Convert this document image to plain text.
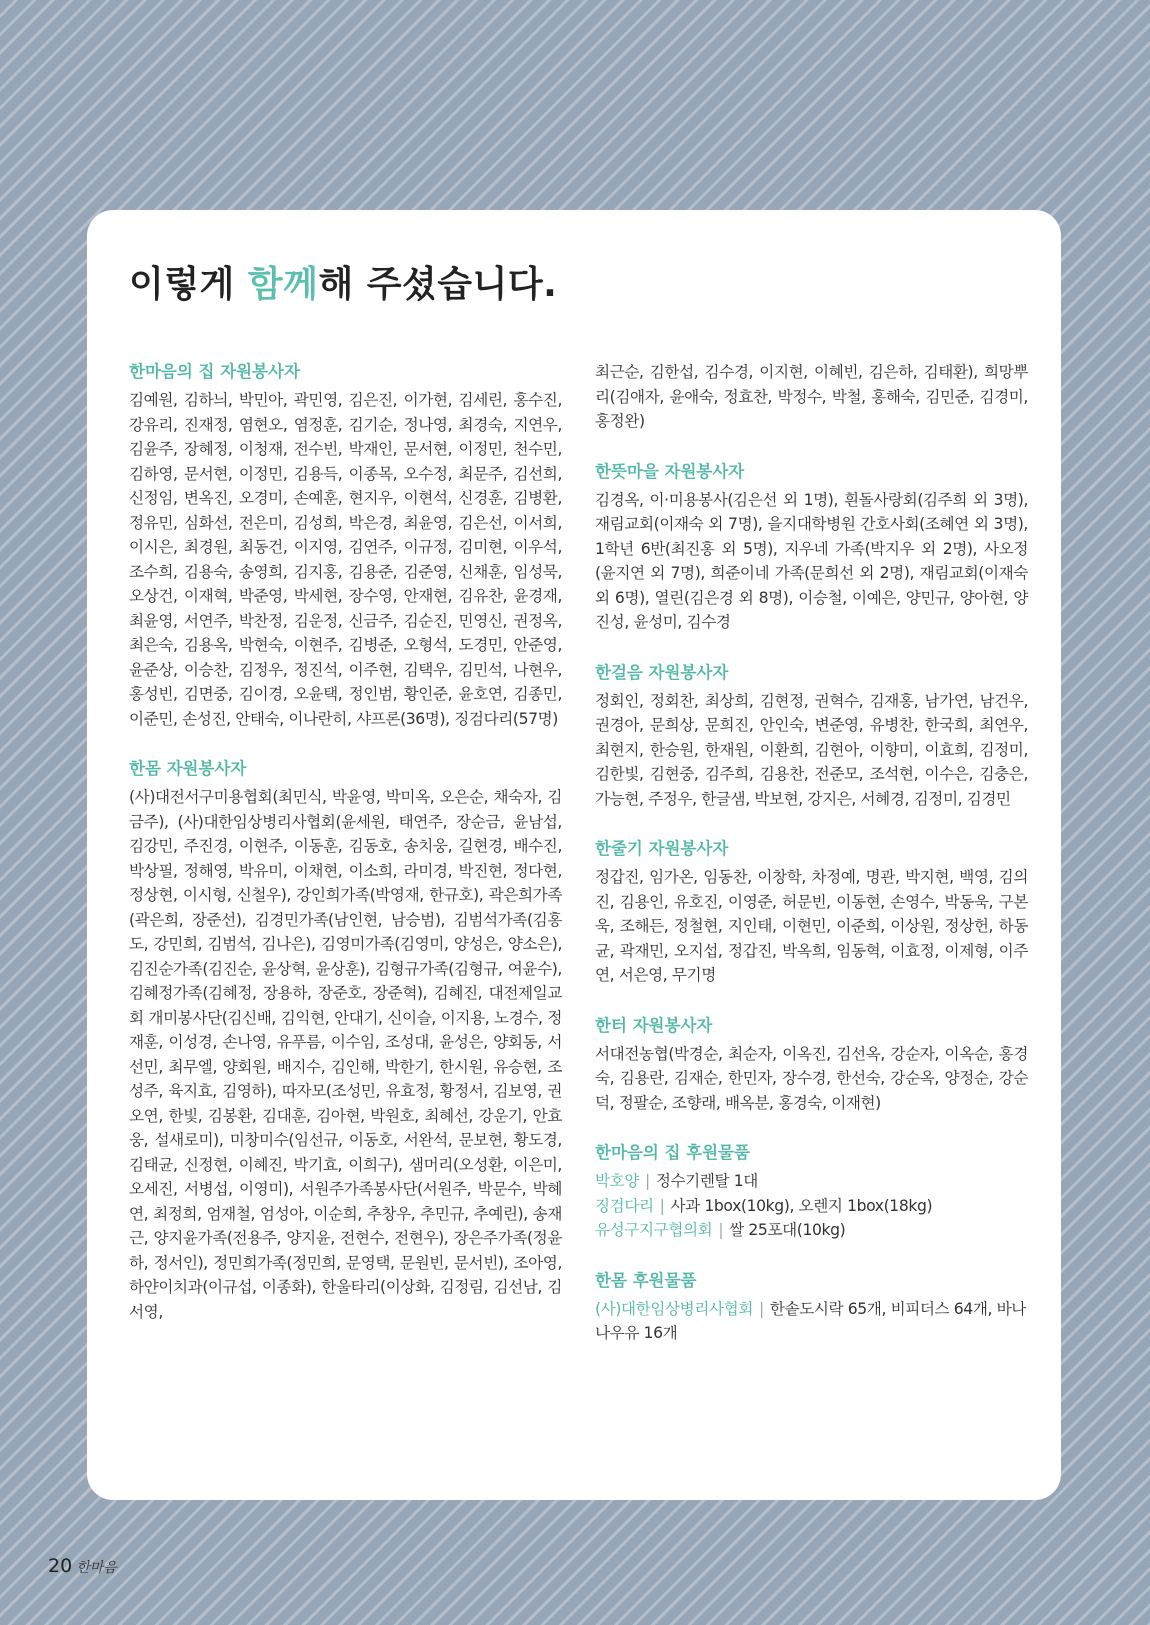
이렇게 함께해 주셨습니다.
한마음의 집 자원봉사자

김예원, 김하늬, 박민아, 곽민영, 김은진, 이가현, 김세린, 홍수진, 강유리, 진재정, 염현오, 염정훈, 김기순, 정나영, 최경숙, 지연우, 김윤주, 장혜정, 이청재, 전수빈, 박재인, 문서현, 이정민, 천수민, 김하영, 문서현, 이정민, 김용득, 이종목, 오수정, 최문주, 김선희, 신정임, 변옥진, 오경미, 손예훈, 현지우, 이현석, 신경훈, 김병환, 정유민, 심화선, 전은미, 김성희, 박은경, 최윤영, 김은선, 이서희, 이시은, 최경원, 최동건, 이지영, 김연주, 이규정, 김미현, 이우석, 조수희, 김용숙, 송영희, 김지홍, 김용준, 김준영, 신채훈, 임성묵, 오상건, 이재혁, 박준영, 박세현, 장수영, 안재현, 김유찬, 윤경재, 최윤영, 서연주, 박찬정, 김운정, 신금주, 김순진, 민영신, 권정옥, 최은숙, 김용옥, 박현숙, 이현주, 김병준, 오형석, 도경민, 안준영, 윤준상, 이승찬, 김정우, 정진석, 이주현, 김택우, 김민석, 나현우, 홍성빈, 김면중, 김이경, 오윤택, 정인범, 황인준, 윤호연, 김종민, 이준민, 손성진, 안태숙, 이나란히, 샤프론(36명), 징검다리(57명)

한몸 자원봉사자

(사)대전서구미용협회(최민식, 박윤영, 박미옥, 오은순, 채숙자, 김금주), (사)대한임상병리사협회(윤세원, 태연주, 장순금, 윤남섭, 김강민, 주진경, 이현주, 이동훈, 김동호, 송치웅, 길현경, 배수진, 박상필, 정해영, 박유미, 이채현, 이소희, 라미경, 박진현, 정다현, 정상현, 이시형, 신철우), 강인희가족(박영재, 한규호), 곽은희가족(곽은희, 장준선), 김경민가족(남인현, 남승범), 김범석가족(김홍도, 강민희, 김범석, 김나은), 김영미가족(김영미, 양성은, 양소은), 김진순가족(김진순, 윤상혁, 윤상훈), 김형규가족(김형규, 여윤수), 김혜정가족(김혜정, 장용하, 장준호, 장준혁), 김혜진, 대전제일교회 개미봉사단(김신배, 김익현, 안대기, 신이슬, 이지용, 노경수, 정재훈, 이성경, 손나영, 유푸름, 이수임, 조성대, 윤성은, 양회동, 서선민, 최무엘, 양회원, 배지수, 김인해, 박한기, 한시원, 유승현, 조성주, 육지효, 김영하), 따자모(조성민, 유효정, 황정서, 김보영, 권오연, 한빛, 김봉환, 김대훈, 김아현, 박원호, 최혜선, 강운기, 안효웅, 설새로미), 미창미수(임선규, 이동호, 서완석, 문보현, 황도경, 김태균, 신정현, 이혜진, 박기효, 이희구), 샘머리(오성환, 이은미, 오세진, 서병섭, 이영미), 서원주가족봉사단(서원주, 박문수, 박혜연, 최정희, 엄재철, 엄성아, 이순희, 추창우, 추민규, 추예린), 송재근, 양지윤가족(전용주, 양지윤, 전현수, 전현우), 장은주가족(정윤하, 정서인), 정민희가족(정민희, 문영택, 문원빈, 문서빈), 조아영, 하얀이치과(이규섭, 이종화), 한울타리(이상화, 김정림, 김선남, 김서영,

최근순, 김한섭, 김수경, 이지현, 이혜빈, 김은하, 김태환), 희망뿌리(김애자, 윤애숙, 정효찬, 박정수, 박철, 홍해숙, 김민준, 김경미, 홍정완)

한뜻마을 자원봉사자

김경옥, 이·미용봉사(김은선 외 1명), 흰돌사랑회(김주희 외 3명), 재림교회(이재숙 외 7명), 을지대학병원 간호사회(조혜연 외 3명), 1학년 6반(최진홍 외 5명), 지우네 가족(박지우 외 2명), 사오정(윤지연 외 7명), 희준이네 가족(문희선 외 2명), 재림교회(이재숙 외 6명), 열린(김은경 외 8명), 이승철, 이예은, 양민규, 양아현, 양진성, 윤성미, 김수경

한걸음 자원봉사자

정회인, 정회찬, 최상희, 김현정, 권혁수, 김재홍, 남가연, 남건우, 권경아, 문희상, 문희진, 안인숙, 변준영, 유병찬, 한국희, 최연우, 최현지, 한승원, 한재원, 이환희, 김현아, 이향미, 이효희, 김정미, 김한빛, 김현중, 김주희, 김용찬, 전준모, 조석현, 이수은, 김충은, 가능현, 주정우, 한글샘, 박보현, 강지은, 서혜경, 김정미, 김경민

한줄기 자원봉사자

정갑진, 임가온, 임동찬, 이창학, 차정예, 명관, 박지현, 백영, 김의진, 김용인, 유호진, 이영준, 허문빈, 이동현, 손영수, 박동욱, 구본욱, 조해든, 정철현, 지인태, 이현민, 이준희, 이상원, 정상헌, 하동균, 곽재민, 오지섭, 정갑진, 박옥희, 임동혁, 이효정, 이제형, 이주연, 서은영, 무기명

한터 자원봉사자

서대전농협(박경순, 최순자, 이옥진, 김선옥, 강순자, 이옥순, 홍경숙, 김용란, 김재순, 한민자, 장수경, 한선숙, 강순옥, 양정순, 강순덕, 정팔순, 조향래, 배옥분, 홍경숙, 이재현)

한마음의 집 후원물품
박호양 | 정수기렌탈 1대
징검다리 | 사과 1box(10kg), 오렌지 1box(18kg)
유성구지구협의회 | 쌀 25포대(10kg)
한몸 후원물품
(사)대한임상병리사협회 | 한솥도시락 65개, 비피더스 64개, 바나나우유 16개
20 한마음
